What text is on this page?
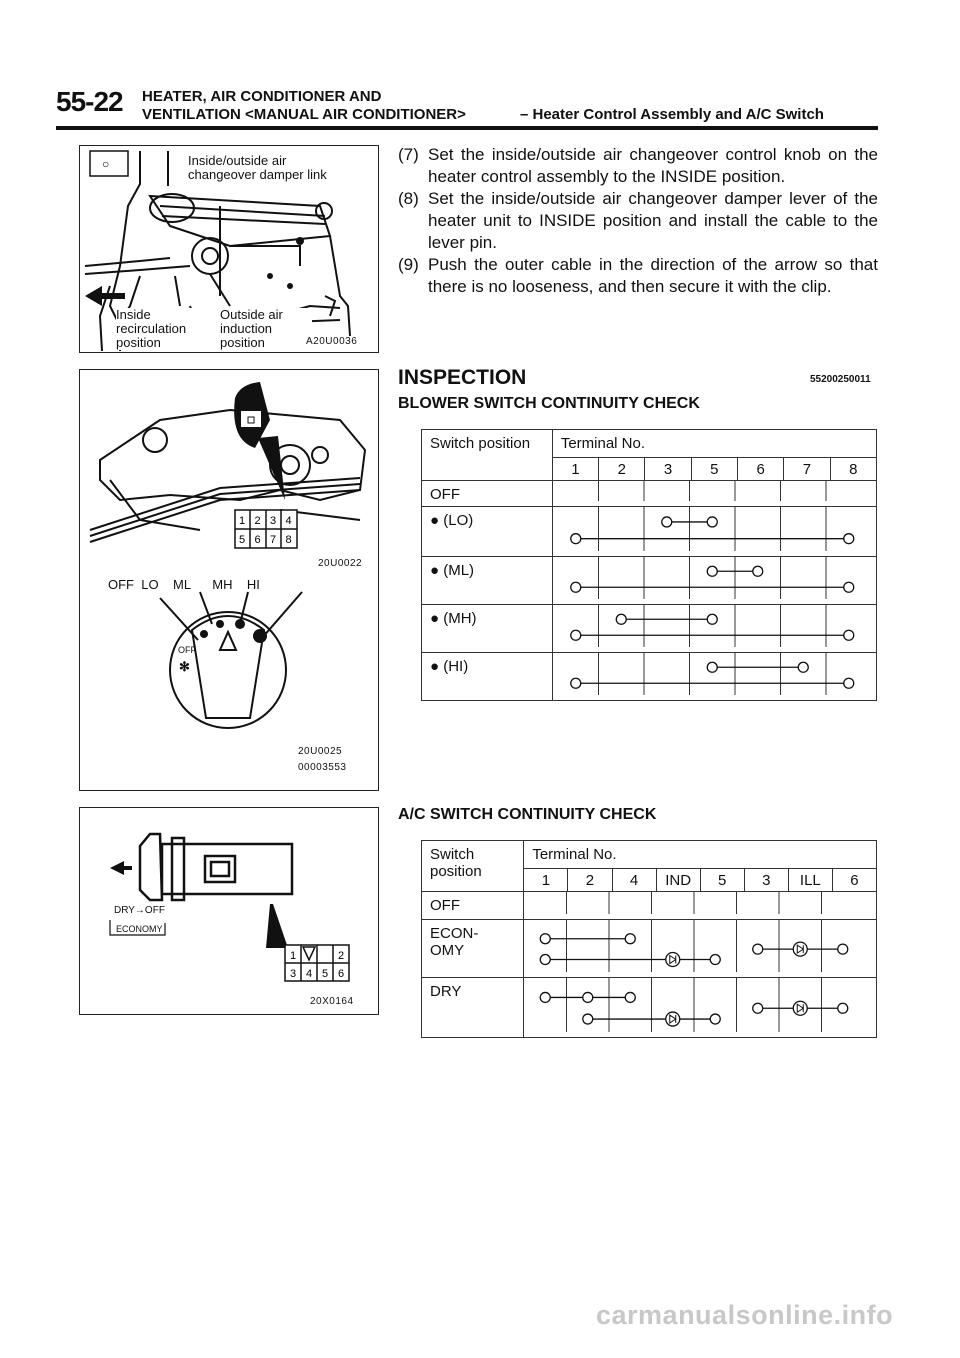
55-22 HEATER, AIR CONDITIONER AND
VENTILATION <MANUAL AIR CONDITIONER>	– Heater Control Assembly and A/C Switch
○	Inside/outside air
changeover damper link
Inside
recirculation
position
Outside air
induction
position	A20U0036
1 2 3 4
5 6 7 8
✻
20U0022
OFF  LO    ML      MH    HI
OFF
20U0025
00003553
1	2
3 4 5 6
DRY→OFF
ECONOMY
20X0164
(7) Set the inside/outside air changeover control knob on the heater control assembly to the INSIDE position.
(8) Set the inside/outside air changeover damper lever of the heater unit to INSIDE position and install the cable to the lever pin.
(9) Push the outer cable in the direction of the arrow so that there is no looseness, and then secure it with the clip.
INSPECTION	55200250011
BLOWER SWITCH CONTINUITY CHECK
Switch position	Terminal No.						
	1	2	3	5	6	7	8
OFF	

● (LO)	

● (ML)	

● (MH)	

● (HI)	
A/C SWITCH CONTINUITY CHECK
Switch
position	Terminal No.							
	1	2	4	IND	5	3	ILL	6
OFF	

ECON-
OMY	

DRY	
carmanualsonline.info
